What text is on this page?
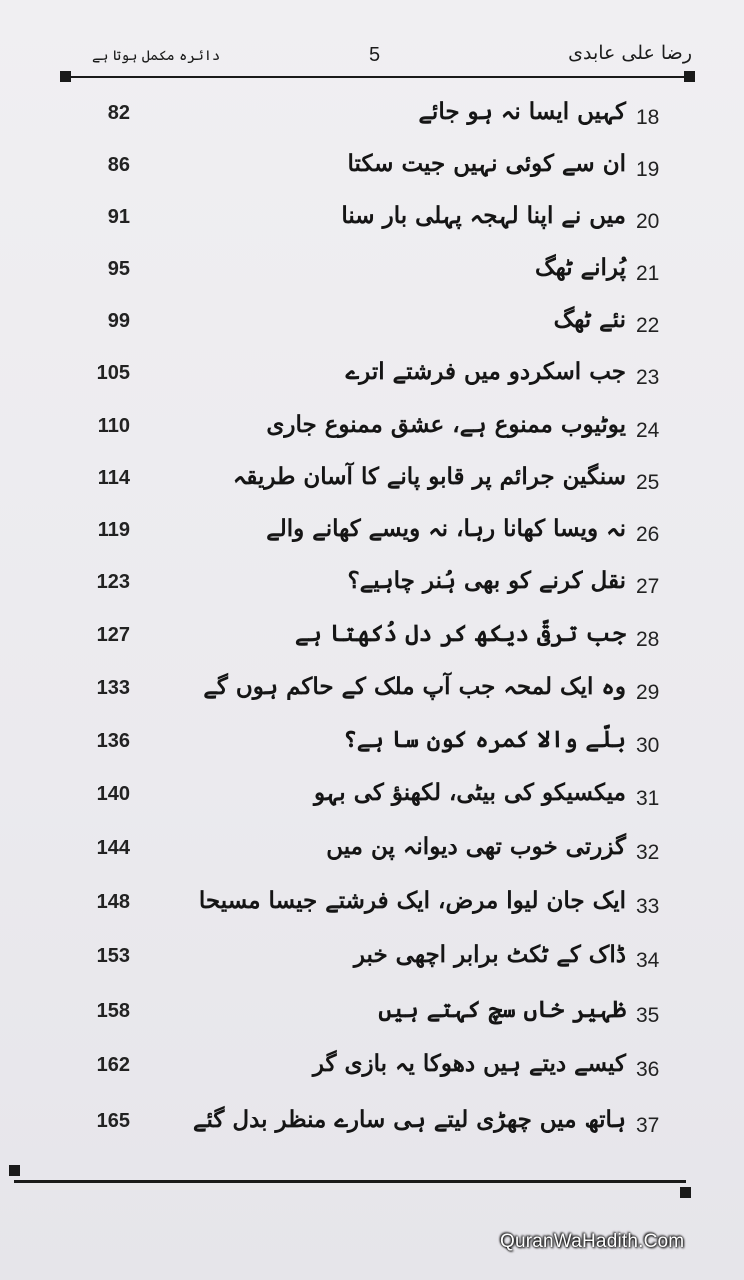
رضا علی عابدی
5
دائرہ مکمل ہوتا ہے
82	کہیں ایسا نہ ہو جائے 18
86	ان سے کوئی نہیں جیت سکتا 19
91	میں نے اپنا لہجہ پہلی بار سنا 20
95	پُرانے ٹھگ 21
99	نئے ٹھگ 22
105	جب اسکردو میں فرشتے اترے 23
110	یوٹیوب ممنوع ہے، عشق ممنوع جاری 24
114	سنگین جرائم پر قابو پانے کا آسان طریقہ 25
119	نہ ویسا کھانا رہا، نہ ویسے کھانے والے 26
123	نقل کرنے کو بھی ہُنر چاہیے؟ 27
127	جب ترقّی دیکھ کر دل دُکھتا ہے 28
133	وہ ایک لمحہ جب آپ ملک کے حاکم ہوں گے 29
136	بلّے والا کمرہ کون سا ہے؟ 30
140	میکسیکو کی بیٹی، لکھنؤ کی بہو 31
144	گزرتی خوب تھی دیوانہ پن میں 32
148	ایک جان لیوا مرض، ایک فرشتے جیسا مسیحا 33
153	ڈاک کے ٹکٹ برابر اچھی خبر 34
158	ظہیر خاں سچ کہتے ہیں 35
162	کیسے دیتے ہیں دھوکا یہ بازی گر 36
165	ہاتھ میں چھڑی لیتے ہی سارے منظر بدل گئے 37
QuranWaHadith.Com
